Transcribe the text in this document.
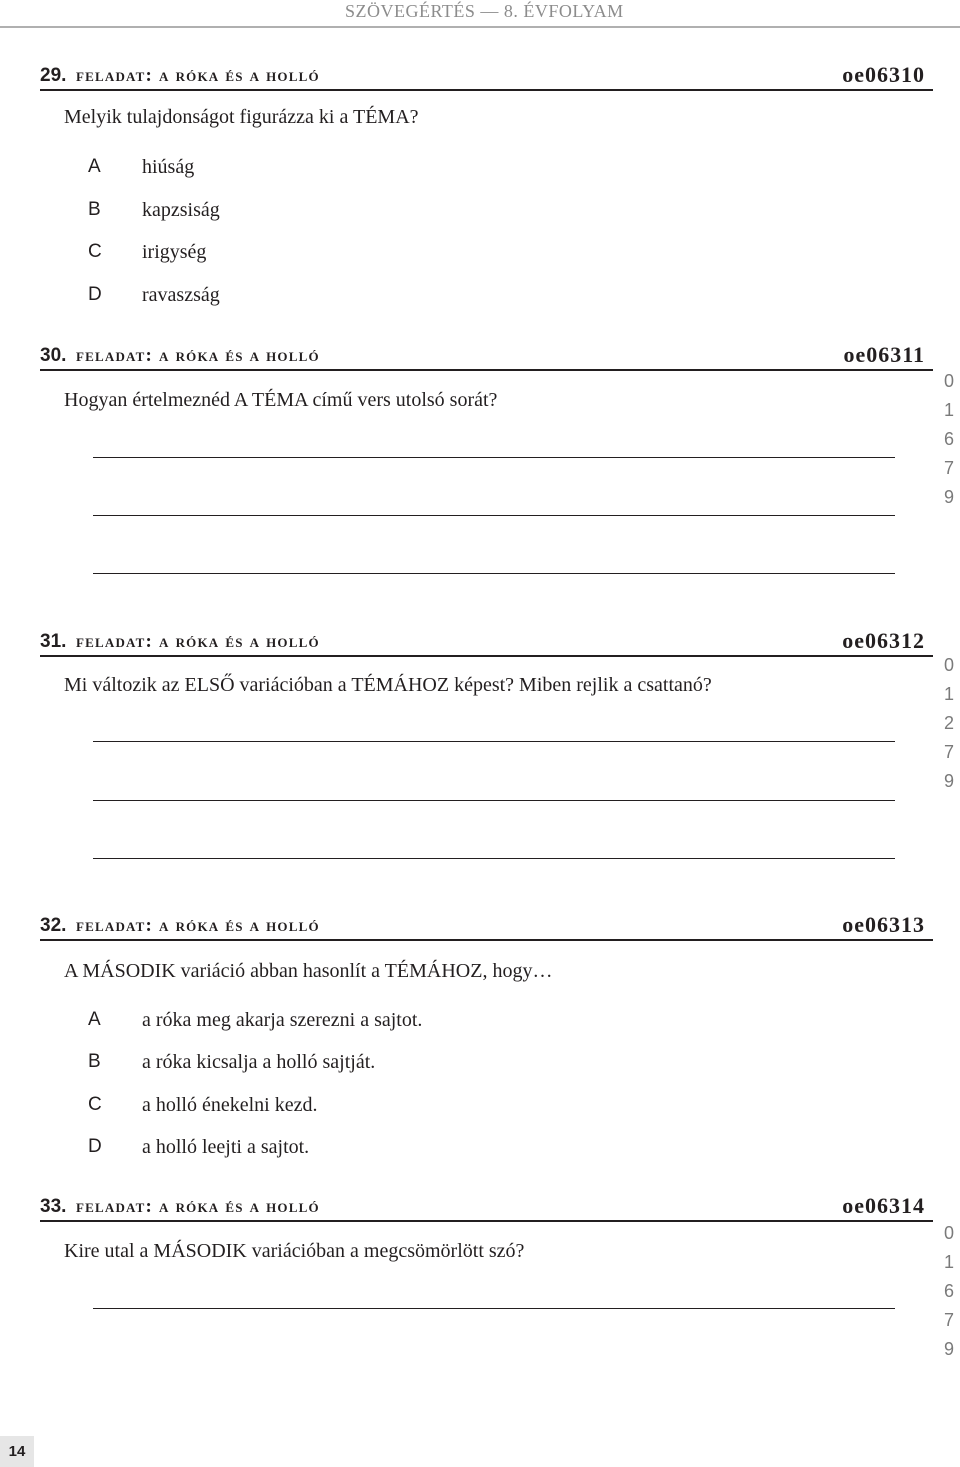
SZÖVEGÉRTÉS — 8. ÉVFOLYAM
29. feladat: a róka és a holló	oe06310
Melyik tulajdonságot figurázza ki a TÉMA?
A hiúság
B kapzsiság
C irigység
D ravaszság
30. feladat: a róka és a holló	oe06311
Hogyan értelmeznéd A TÉMA című vers utolsó sorát?
0
1
6
7
9
31. feladat: a róka és a holló	oe06312
Mi változik az ELSŐ variációban a TÉMÁHOZ képest? Miben rejlik a csattanó?
0
1
2
7
9
32. feladat: a róka és a holló	oe06313
A MÁSODIK variáció abban hasonlít a TÉMÁHOZ, hogy…
A a róka meg akarja szerezni a sajtot.
B a róka kicsalja a holló sajtját.
C a holló énekelni kezd.
D a holló leejti a sajtot.
33. feladat: a róka és a holló	oe06314
Kire utal a MÁSODIK variációban a megcsömörlött szó?
0
1
6
7
9
14
